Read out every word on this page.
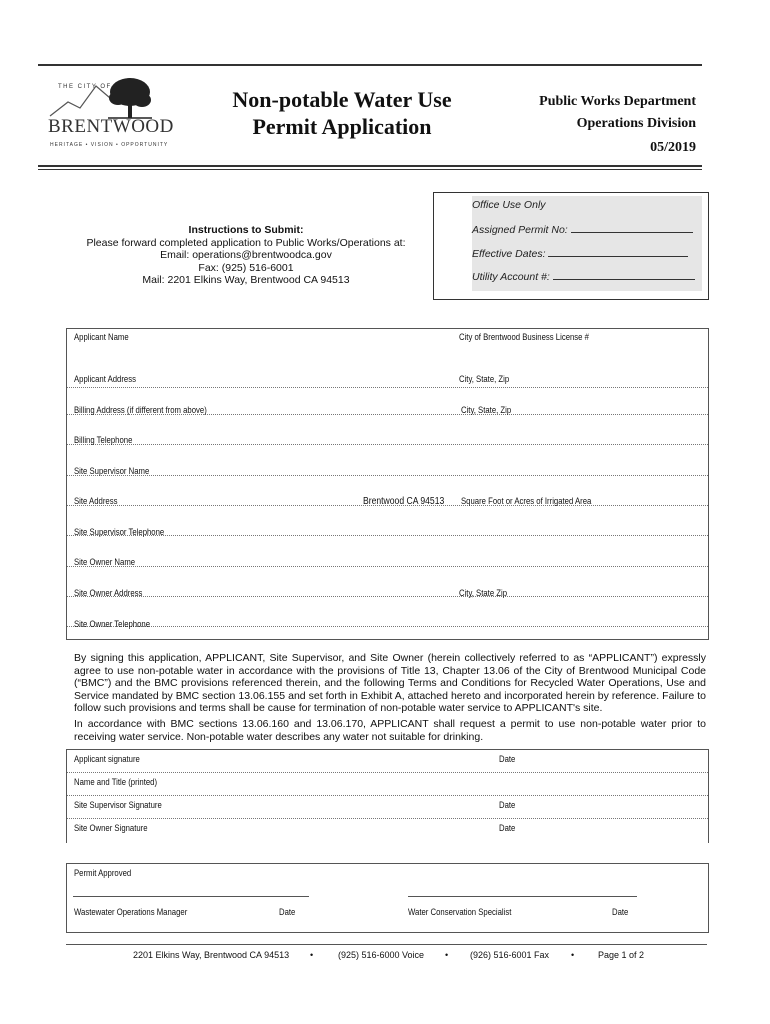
THE CITY OF
BRENTWOOD
HERITAGE • VISION • OPPORTUNITY
Non-potable Water Use
Permit Application
Public Works Department
Operations Division
05/2019
Instructions to Submit:
Please forward completed application to Public Works/Operations at:
Email: operations@brentwoodca.gov
Fax: (925) 516-6001
Mail: 2201 Elkins Way, Brentwood CA 94513
Office Use Only
Assigned Permit No:
Effective Dates:
Utility Account #:
Applicant Name	City of Brentwood Business License #
Applicant Address	City, State, Zip
Billing Address (if different from above)	City, State, Zip
Billing Telephone
Site Supervisor Name
Site Address	Brentwood CA 94513 Square Foot or Acres of Irrigated Area
Site Supervisor Telephone
Site Owner Name
Site Owner Address	City, State Zip
Site Owner Telephone
By signing this application, APPLICANT, Site Supervisor, and Site Owner (herein collectively referred to as “APPLICANT”) expressly agree to use non-potable water in accordance with the provisions of Title 13, Chapter 13.06 of the City of Brentwood Municipal Code (“BMC”) and the BMC provisions referenced therein, and the following Terms and Conditions for Recycled Water Operations, Use and Service mandated by BMC section 13.06.155 and set forth in Exhibit A, attached hereto and incorporated herein by reference. Failure to follow such provisions and terms shall be cause for termination of non-potable water service to APPLICANT's site.
In accordance with BMC sections 13.06.160 and 13.06.170, APPLICANT shall request a permit to use non-potable water prior to receiving water service. Non-potable water describes any water not suitable for drinking.
Applicant signature	Date
Name and Title (printed)
Site Supervisor Signature	Date
Site Owner Signature	Date
Permit Approved
Wastewater Operations Manager	Date	Water Conservation Specialist	Date
2201 Elkins Way, Brentwood CA 94513 •	(925) 516-6000 Voice • (926) 516-6001 Fax •	Page 1 of 2
